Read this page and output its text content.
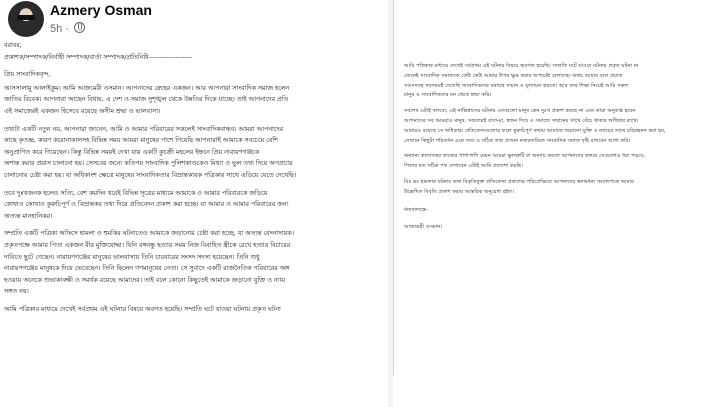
Azmery Osman
5h ·
বরাবর,
প্রকাশক/সম্পাদক/নির্বাহী সম্পাদক/বার্তা সম্পাদক/প্রতিনিধি-------------------
প্রিয় সাংবাদিকবৃন্দ,
আসসালামু আলাইকুম। আমি আজমেরী ওসমান। আপনাদের স্নেহের একজন। আর আপনারা সাংবাদিক সমাজ হলেন
জাতির বিবেক। আপনারা আছেন বিধায়, এ দেশ ও সমাজ সুশৃঙ্খল থেকে উন্নতির দিকে যাচ্ছে। তাই আপনাদের প্রতি
এই সমাজেরই একজন হিসেবে রয়েছে অসীম শ্রদ্ধা ও ভালবাসা।
তথ্যটা একটি নতুন নয়, আপনারা জানেন, আমি ও আমার পরিবারের সকলেই সাংবাদিকবান্ধব। আমরা আপনাদের
কাছে কৃতজ্ঞ, কারণ করোনাকালসহ বিভিন্ন সময় আমরা মানুষের পাশে গিয়েছি আপনারাই আমাকে সবচেয়ে বেশি
অনুপ্রাণিত করে গিয়েছেন। কিন্তু বিভিন্ন সময়ই দেখা যায় একটি কুচক্রী মহলের ইন্ধনে প্রিয় নারায়ণগঞ্জকে
অশান্ত করার প্রয়াস চালানো হয়। সেসবের জন্যে কতিপয় সাংবাদিক পুলিশকাণ্ডকেও মিথ্যা ও ভুল তথ্য দিয়ে অপপ্রচার
চালানোর চেষ্টা করা হয়। যা অধিকাংশ ক্ষেত্রে মানুষের সাংবাদিকতার বিভ্রান্তকারক পত্রিকার সাথে এড়িয়ে যেতে দেখেছি।
তবে দুঃখজনক হলেও সত্যি, বেশ কয়দিন ধরেই বিভিন্ন সূত্রের মাধ্যমে আমাকে ও আমার পরিবারকে জড়িয়ে
কোথাও কোথাও কুরুচিপূর্ণ ও বিভ্রান্তকর তথ্য দিয়ে প্রতিবেদন প্রকাশ করা হচ্ছে। যা আমার ও আমার পরিবারের জন্য
অত্যন্ত মানহানিকর।
সম্প্রতি একটি পত্রিকা অফিসে হামলা ও হুমকির ঘটনাতেও আমাকে জড়ানোর চেষ্টা করা হচ্ছে, যা অত্যন্ত বেদনাদায়ক।
প্রকৃতপক্ষে আমার পিতা একজন বীর মুক্তিযোদ্ধা। যিনি বঙ্গবন্ধু হত্যার সময় নিজ বিবাহিত স্ত্রীকে রেখে হত্যার বিচারের
দাবিতে ছুটে গেছেন। নারায়ণগঞ্জের মানুষের ভালবাসায় তিনি চারবারের সংসদ সদস্য হয়েছেন। তিনি শুধু
নারায়ণগঞ্জের মানুষকে দিয়ে ভেবেছেন। তিনি ছিলেন গণমানুষের নেতা। সে সুবাদে একটি রাজনৈতিক পরিবারের অঙ্গ
হওয়ায় অনেকে শুভাকাঙ্ক্ষী ও সমর্থক রয়েছে আমাদের। তাই বলে কোনো কিছুতেই আমাকে জড়ানো যুক্তি ও ন্যায়
সঙ্গত নয়।
আমি পত্রিকার মাধ্যমে দেখেই সর্বপ্রথম এই ঘটনার বিষয়ে অবগত হয়েছি। সম্প্রতি ঘটে যাওয়া ঘটনায় প্রকৃত ঘটনা
আমি পত্রিকার মাধ্যমে দেখেই সর্বপ্রথম এই ঘটনার বিষয়ে অবগত হয়েছি। সম্প্রতি ঘটে যাওয়া ঘটনায় প্রকৃত ঘটনা না
জেনেই সাংবাদিক সমাজকে কেউ কেউ আমার উপর ক্ষুব্ধ করার অপচেষ্টা চালাচ্ছে। অথচ আমার বাবা প্রয়াত
সাংসদসহ সবসময়ই দেখেছি সাংবাদিকদের যথাযথ সম্মান ও মূল্যায়ন করতে। আর তার শিক্ষা নিয়েই আমি সকল
মানুষ ও সাংবাদিকদের মন থেকে শ্রদ্ধা করি।
সর্বশেষ এটাই বলবো, এই নাভিশ্বাসের ঘটনায় এতগুলো মানুষ কেন দুঃখ প্রকাশ করছে না এবং তারা অনুতপ্ত হবেন
আপনাদের সব আমরাও মানুষ, সকলেরই বাবা-মা, স্বজন দিয়ে এ সমাজে সম্মানের সাথে বেঁচে থাকার অধিকার রাখে।
আমারও রয়েছে সে অধিকার। প্রতিবেদনগুলোর ফলে কুরুচিপূর্ণ কথায় আমাকে জড়ানো যুক্তি ও ন্যায়ের সাথে চরিত্রহনন করা হয়,
সেখানে কিছুটা পরিবর্তন এনে সত্য ও সঠিক তথ্য প্রণয়ন নজরদারিতে সাংবাদিক সমাজ দৃষ্টি রাখবেন আশা করি।
অন্যান্য কল্যাণকর কাজের পাশাপাশি যেমন আমরা ভুলত্রুটি বা অন্যায় করলে আপনাদের কলমে সেগুলোও ধরা পড়বে,
পিতার মত সঠিক পথ দেখাবেন এটাই আমি প্রত্যাশা করছি।
বিঃ দ্রঃ হামলার ঘটনার তথ্য বিকৃতিমুক্ত প্রতিবেদন প্রকাশের পরিপ্রেক্ষিতে আপনাদের স্বনামধন্য সংবাদপত্রে আমার
উল্লেখিত বিবৃতি প্রকাশ করার আন্তরিক অনুরোধ রইল।
ধন্যবাদান্তে-
আজমেরী ওসমান।
